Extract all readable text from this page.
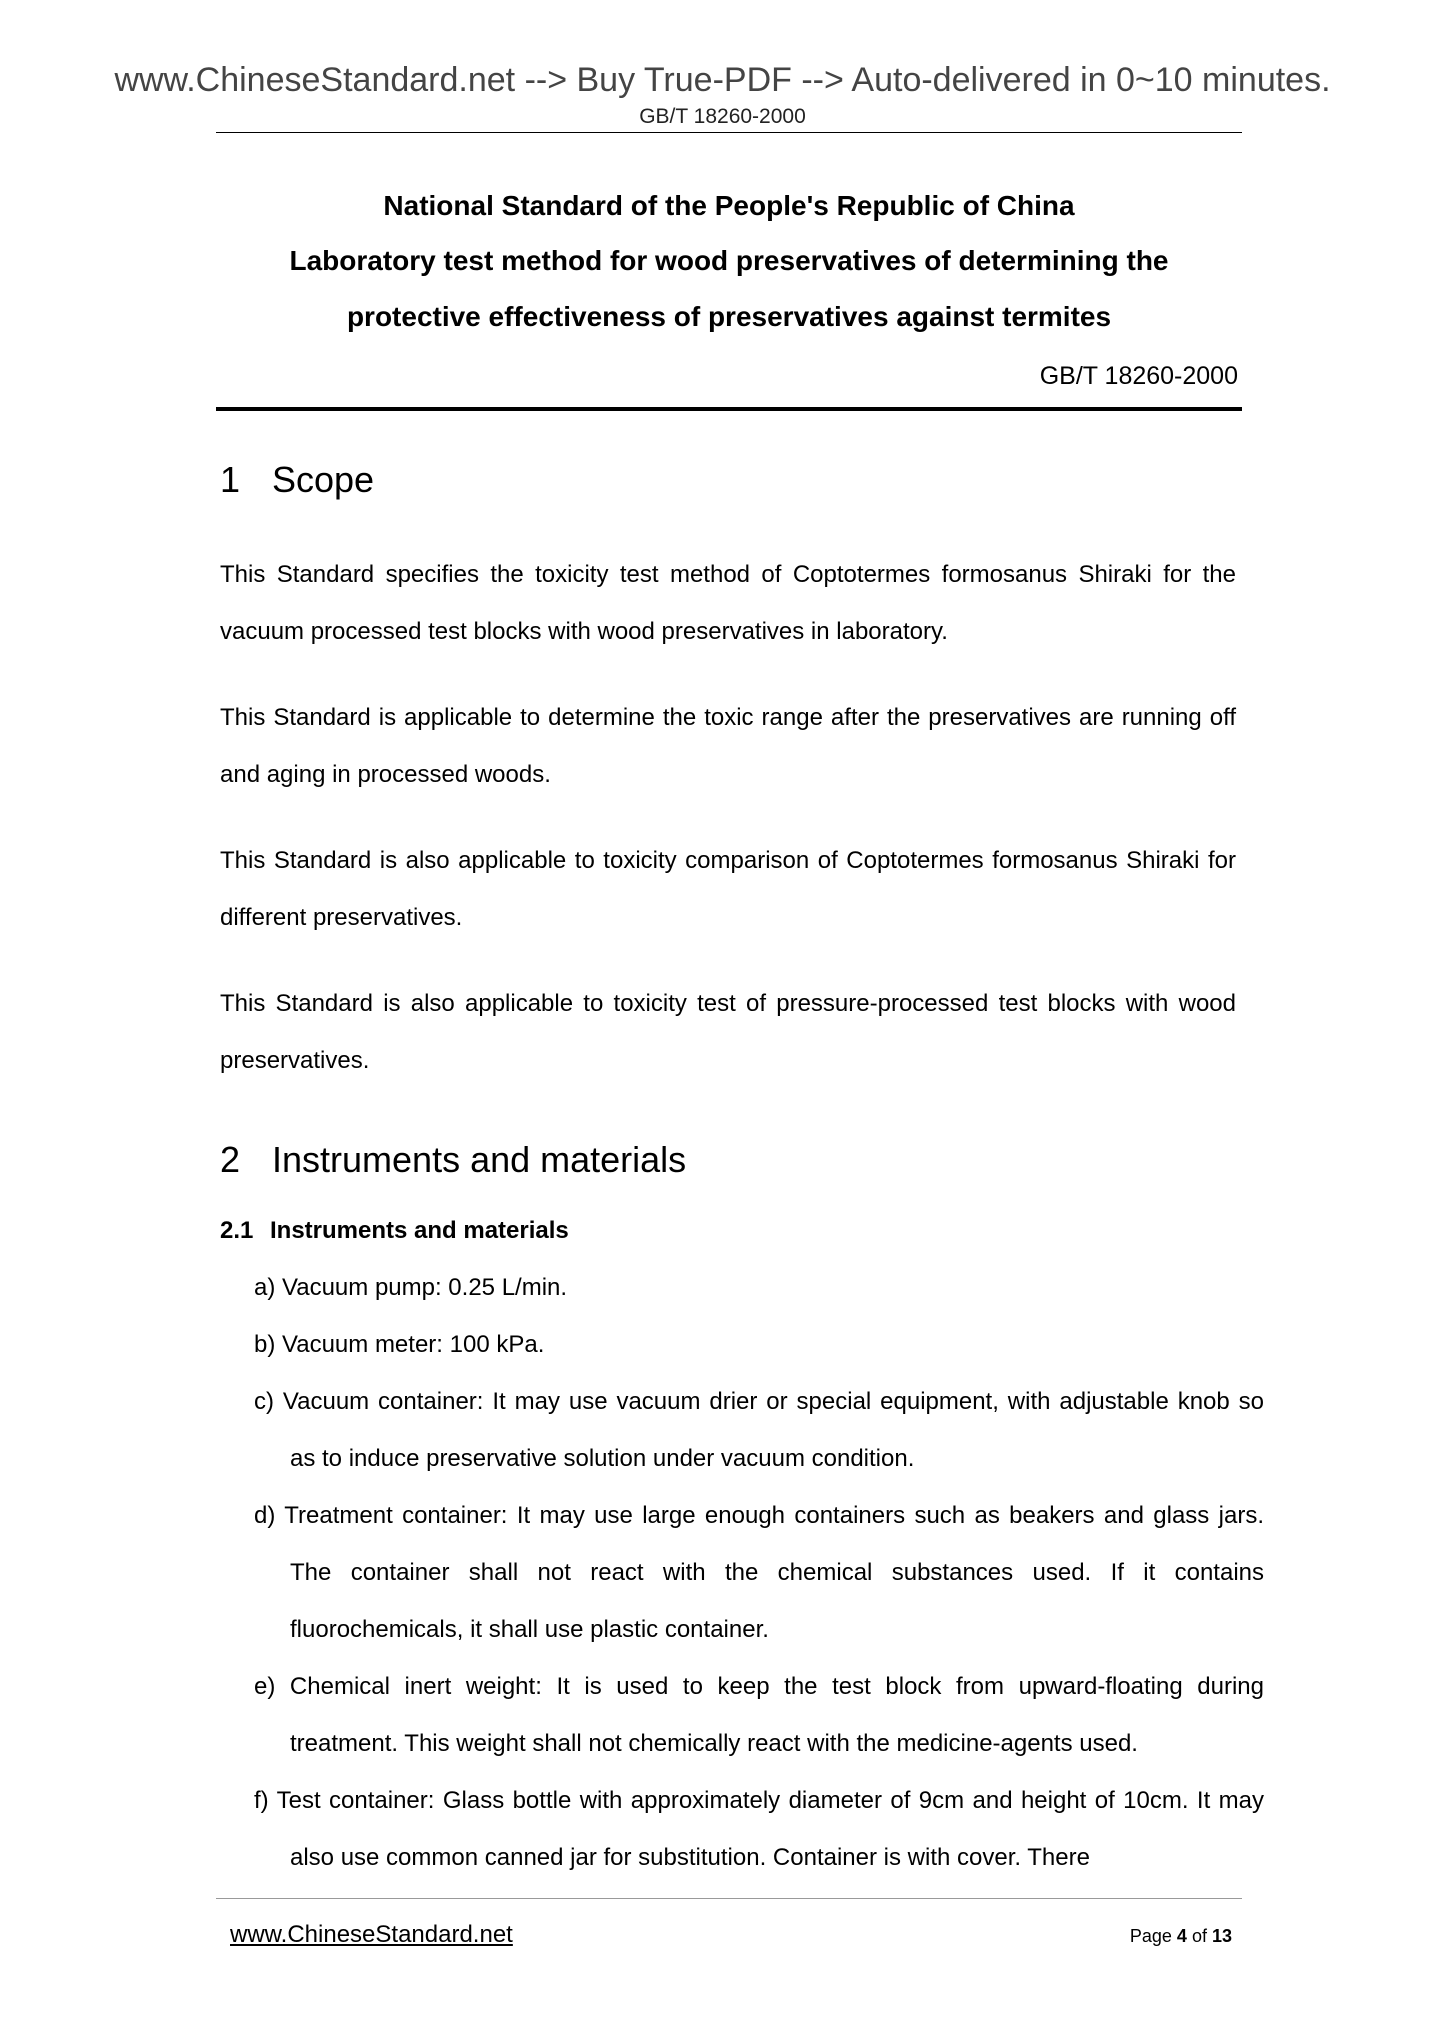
www.ChineseStandard.net --> Buy True-PDF --> Auto-delivered in 0~10 minutes.
GB/T 18260-2000
National Standard of the People's Republic of China
Laboratory test method for wood preservatives of determining the
protective effectiveness of preservatives against termites
GB/T 18260-2000
1 Scope
This Standard specifies the toxicity test method of Coptotermes formosanus Shiraki for the vacuum processed test blocks with wood preservatives in laboratory.
This Standard is applicable to determine the toxic range after the preservatives are running off and aging in processed woods.
This Standard is also applicable to toxicity comparison of Coptotermes formosanus Shiraki for different preservatives.
This Standard is also applicable to toxicity test of pressure-processed test blocks with wood preservatives.
2 Instruments and materials
2.1 Instruments and materials
a) Vacuum pump: 0.25 L/min.
b) Vacuum meter: 100 kPa.
c) Vacuum container: It may use vacuum drier or special equipment, with adjustable knob so as to induce preservative solution under vacuum condition.
d) Treatment container: It may use large enough containers such as beakers and glass jars. The container shall not react with the chemical substances used. If it contains fluorochemicals, it shall use plastic container.
e) Chemical inert weight: It is used to keep the test block from upward-floating during treatment. This weight shall not chemically react with the medicine-agents used.
f) Test container: Glass bottle with approximately diameter of 9cm and height of 10cm. It may also use common canned jar for substitution. Container is with cover. There
www.ChineseStandard.net	Page 4 of 13
